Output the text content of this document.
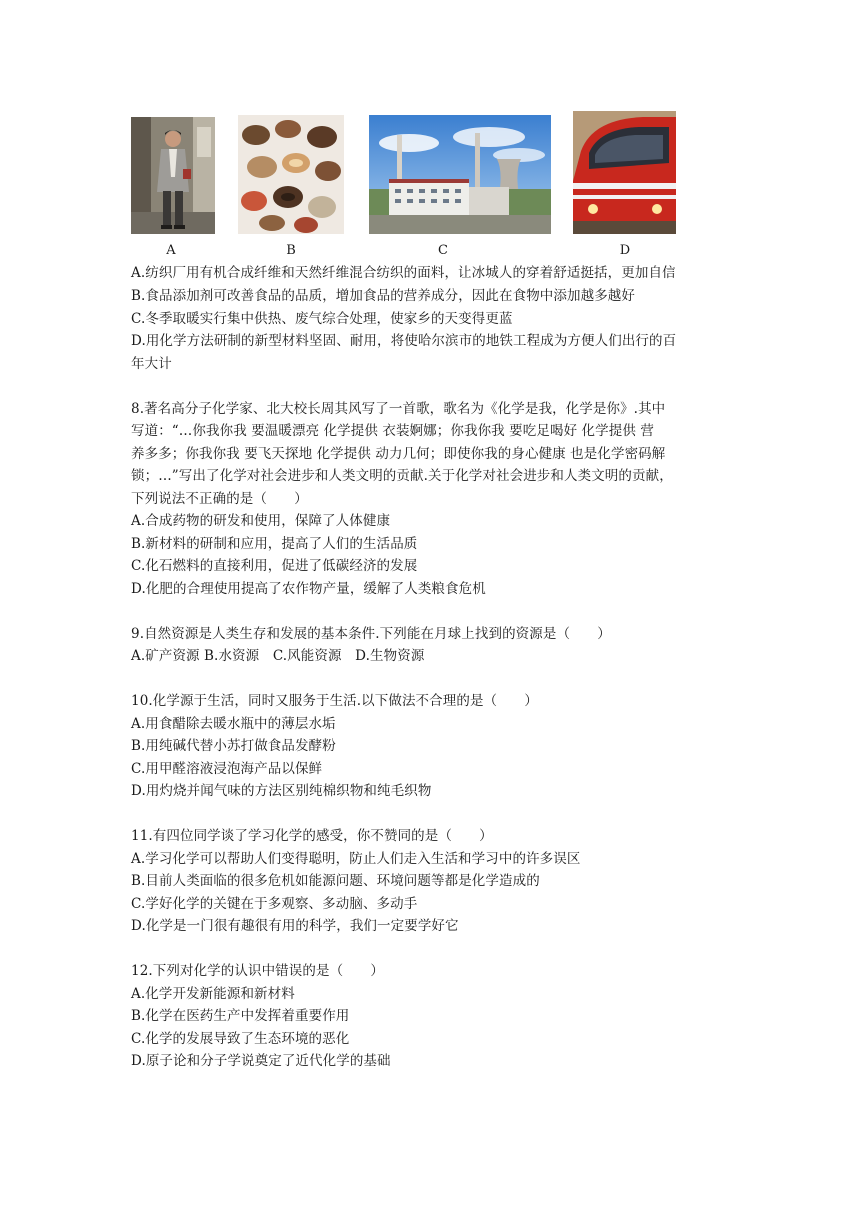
A	B	C	D
A.纺织厂用有机合成纤维和天然纤维混合纺织的面料，让冰城人的穿着舒适挺括，更加自信
B.食品添加剂可改善食品的品质，增加食品的营养成分，因此在食物中添加越多越好
C.冬季取暖实行集中供热、废气综合处理，使家乡的天变得更蓝
D.用化学方法研制的新型材料坚固、耐用，将使哈尔滨市的地铁工程成为方便人们出行的百
年大计
8.著名高分子化学家、北大校长周其风写了一首歌，歌名为《化学是我，化学是你》.其中
写道：“…你我你我 要温暖漂亮 化学提供 衣装婀娜；你我你我 要吃足喝好 化学提供 营
养多多；你我你我 要飞天探地 化学提供 动力几何；即使你我的身心健康 也是化学密码解
锁；…”写出了化学对社会进步和人类文明的贡献.关于化学对社会进步和人类文明的贡献，
下列说法不正确的是（　　）
A.合成药物的研发和使用，保障了人体健康
B.新材料的研制和应用，提高了人们的生活品质
C.化石燃料的直接利用，促进了低碳经济的发展
D.化肥的合理使用提高了农作物产量，缓解了人类粮食危机
9.自然资源是人类生存和发展的基本条件.下列能在月球上找到的资源是（　　）
A.矿产资源 B.水资源　C.风能资源　D.生物资源
10.化学源于生活，同时又服务于生活.以下做法不合理的是（　　）
A.用食醋除去暖水瓶中的薄层水垢
B.用纯碱代替小苏打做食品发酵粉
C.用甲醛溶液浸泡海产品以保鲜
D.用灼烧并闻气味的方法区别纯棉织物和纯毛织物
11.有四位同学谈了学习化学的感受，你不赞同的是（　　）
A.学习化学可以帮助人们变得聪明，防止人们走入生活和学习中的许多误区
B.目前人类面临的很多危机如能源问题、环境问题等都是化学造成的
C.学好化学的关键在于多观察、多动脑、多动手
D.化学是一门很有趣很有用的科学，我们一定要学好它
12.下列对化学的认识中错误的是（　　）
A.化学开发新能源和新材料
B.化学在医药生产中发挥着重要作用
C.化学的发展导致了生态环境的恶化
D.原子论和分子学说奠定了近代化学的基础
